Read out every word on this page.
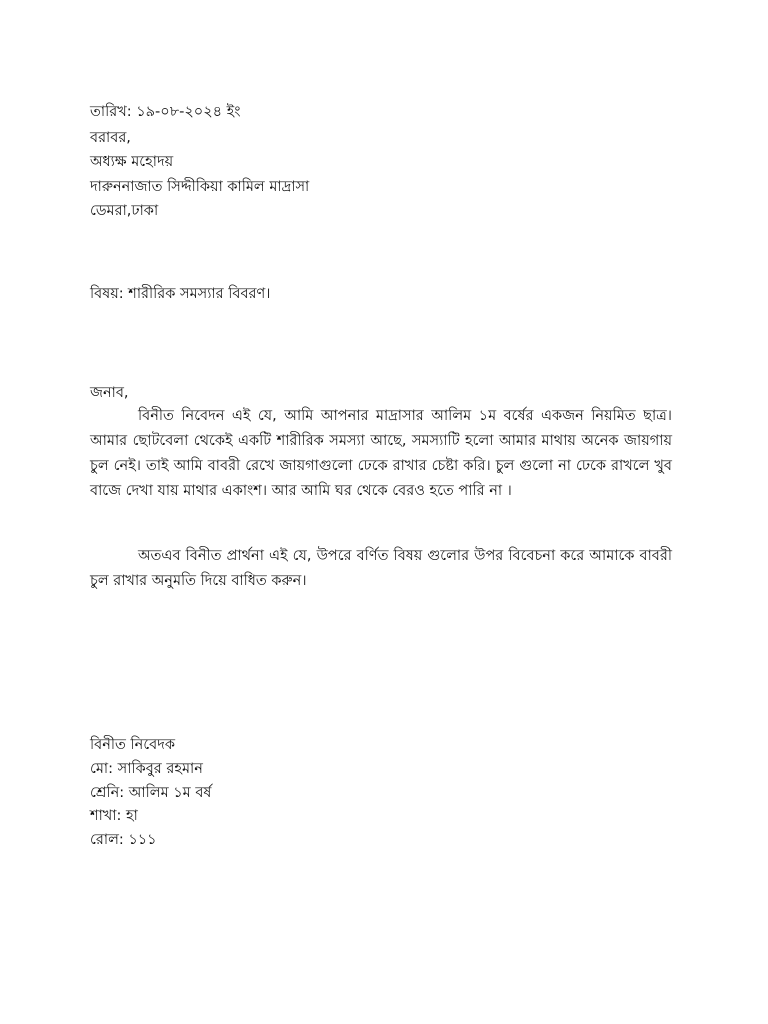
তারিখ: ১৯-০৮-২০২৪ ইং
বরাবর,
অধ্যক্ষ মহোদয়
দারুননাজাত সিদ্দীকিয়া কামিল মাদ্রাসা
ডেমরা,ঢাকা
বিষয়: শারীরিক সমস্যার বিবরণ।
জনাব,
বিনীত নিবেদন এই যে, আমি আপনার মাদ্রাসার আলিম ১ম বর্ষের একজন নিয়মিত ছাত্র। আমার ছোটবেলা থেকেই একটি শারীরিক সমস্যা আছে, সমস্যাটি হলো আমার মাথায় অনেক জায়গায় চুল নেই। তাই আমি বাবরী রেখে জায়গাগুলো ঢেকে রাখার চেষ্টা করি। চুল গুলো না ঢেকে রাখলে খুব বাজে দেখা যায় মাথার একাংশ। আর আমি ঘর থেকে বেরও হতে পারি না ।
অতএব বিনীত প্রার্থনা এই যে, উপরে বর্ণিত বিষয় গুলোর উপর বিবেচনা করে আমাকে বাবরী চুল রাখার অনুমতি দিয়ে বাধিত করুন।
বিনীত নিবেদক
মো: সাকিবুর রহমান
শ্রেনি: আলিম ১ম বর্ষ
শাখা: হা
রোল: ১১১
